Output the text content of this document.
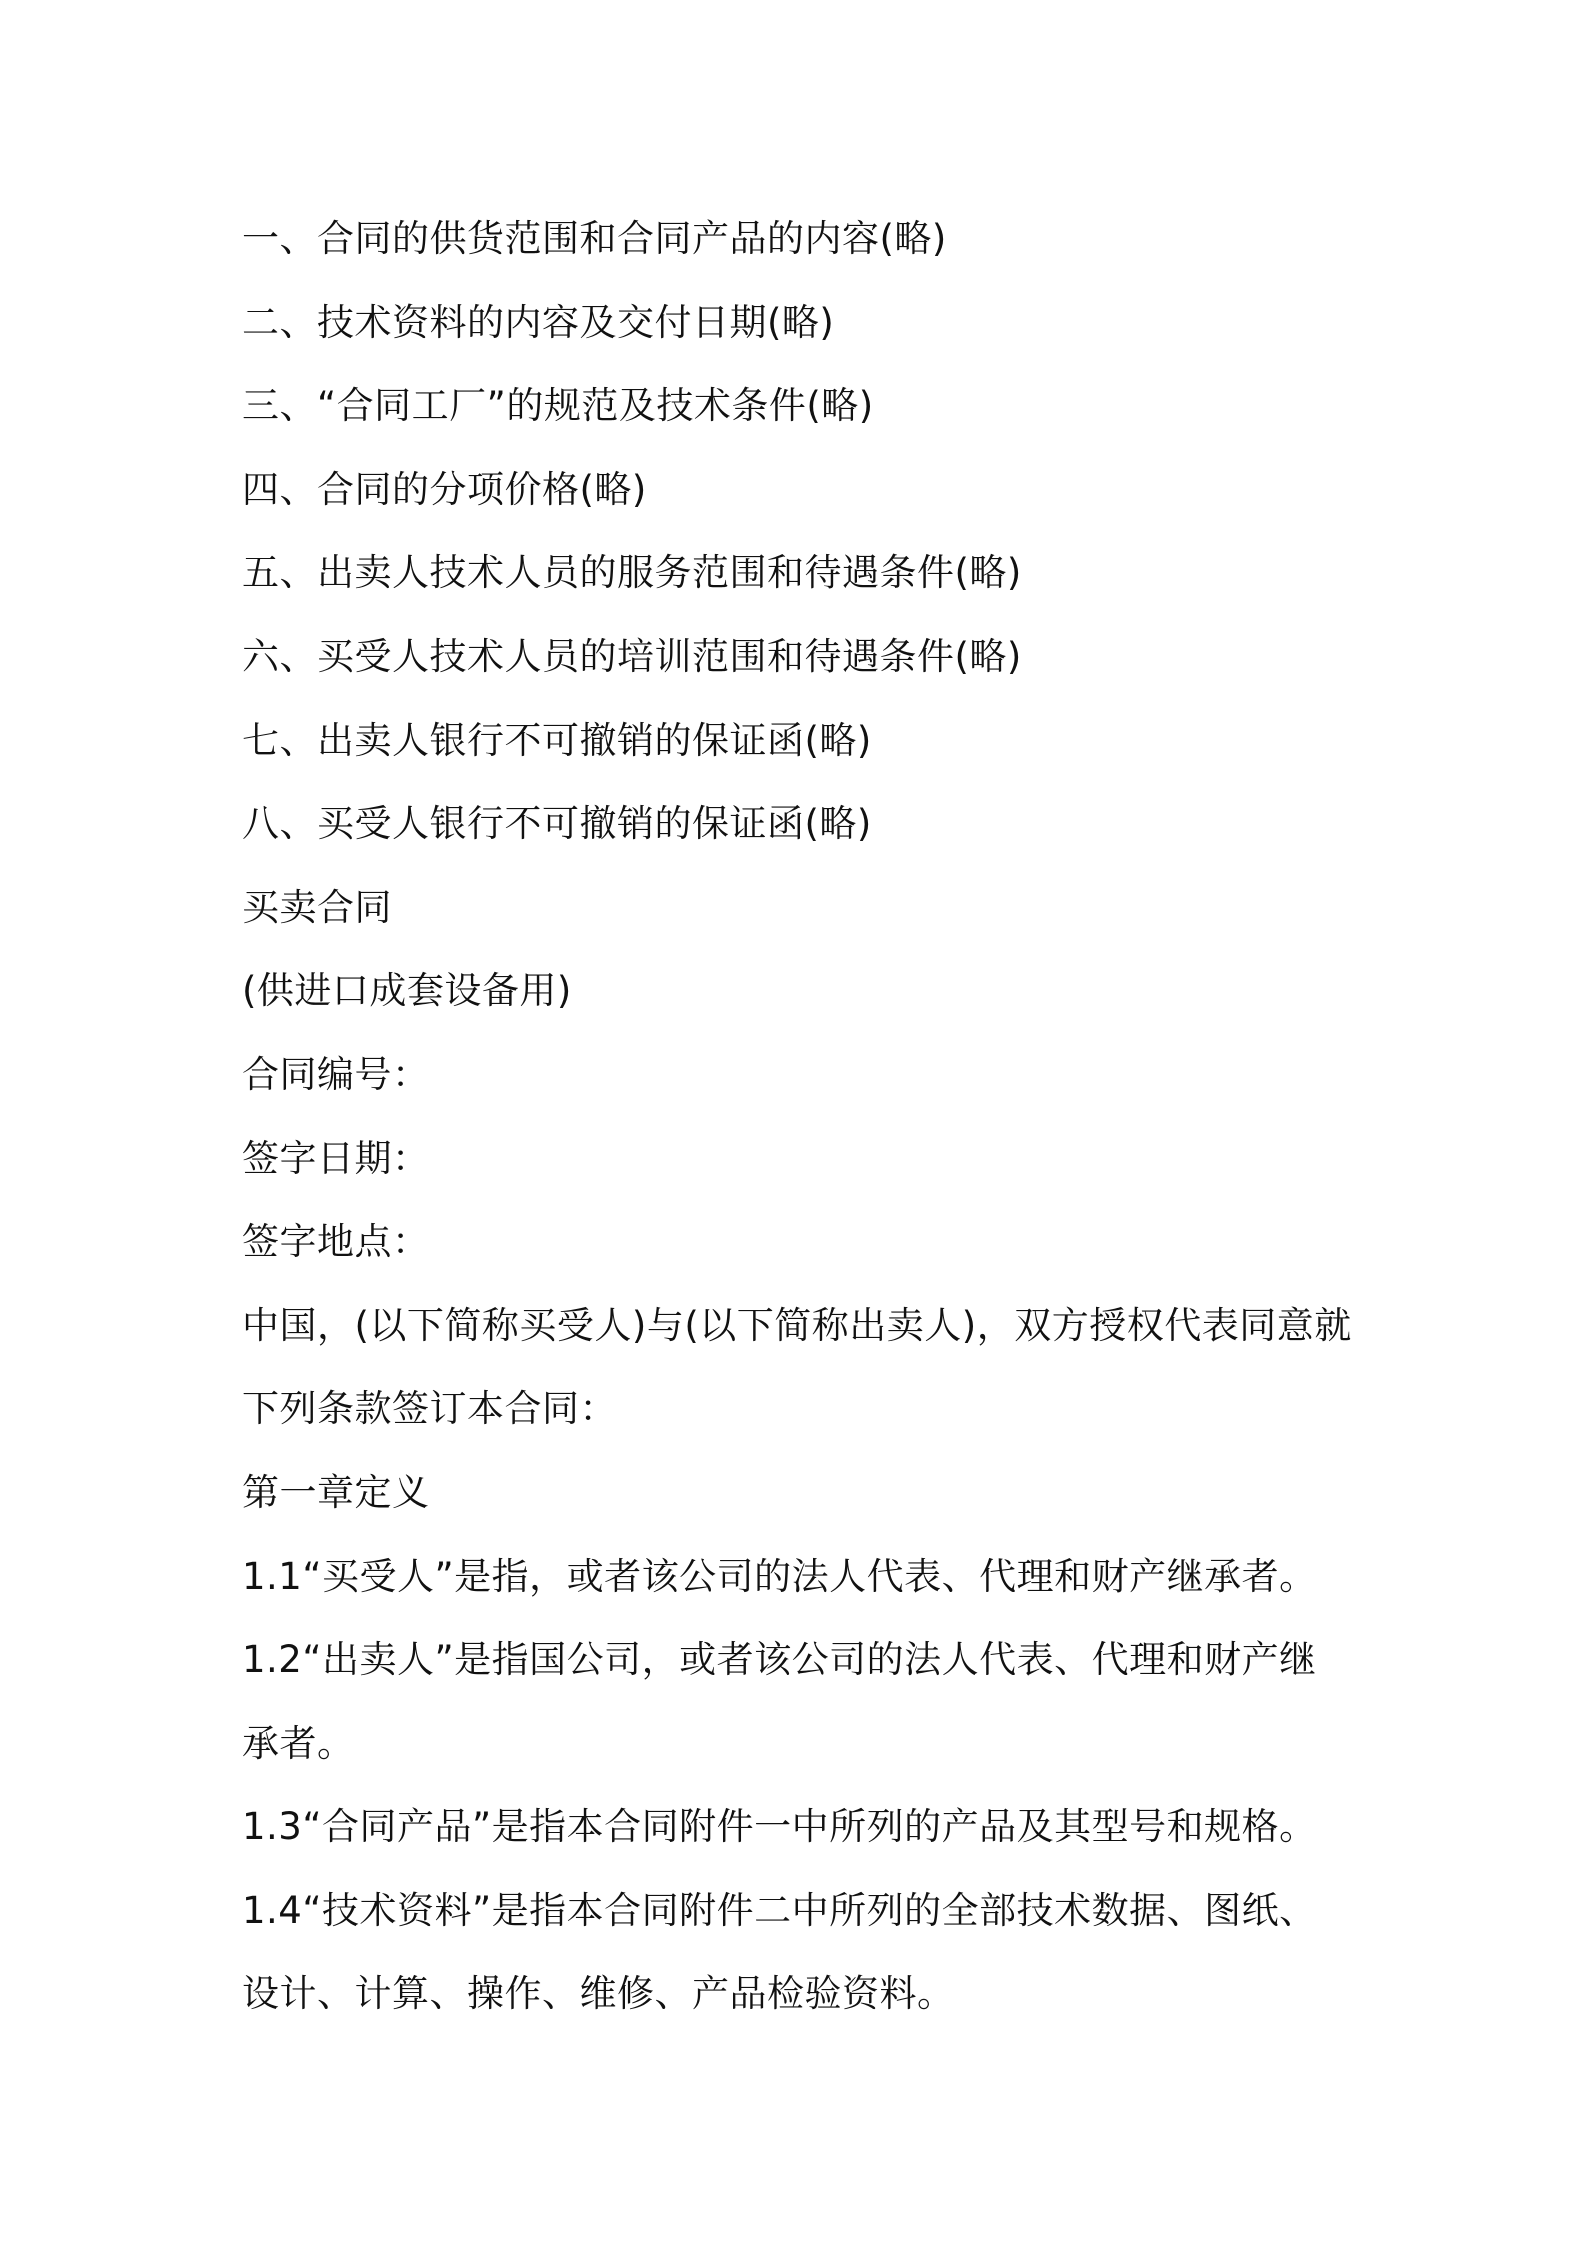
一、合同的供货范围和合同产品的内容(略)
二、技术资料的内容及交付日期(略)
三、“合同工厂”的规范及技术条件(略)
四、合同的分项价格(略)
五、出卖人技术人员的服务范围和待遇条件(略)
六、买受人技术人员的培训范围和待遇条件(略)
七、出卖人银行不可撤销的保证函(略)
八、买受人银行不可撤销的保证函(略)
买卖合同
(供进口成套设备用)
合同编号：
签字日期：
签字地点：
中国，(以下简称买受人)与(以下简称出卖人)，双方授权代表同意就
下列条款签订本合同：
第一章定义
1.1“买受人”是指，或者该公司的法人代表、代理和财产继承者。
1.2“出卖人”是指国公司，或者该公司的法人代表、代理和财产继
承者。
1.3“合同产品”是指本合同附件一中所列的产品及其型号和规格。
1.4“技术资料”是指本合同附件二中所列的全部技术数据、图纸、
设计、计算、操作、维修、产品检验资料。
